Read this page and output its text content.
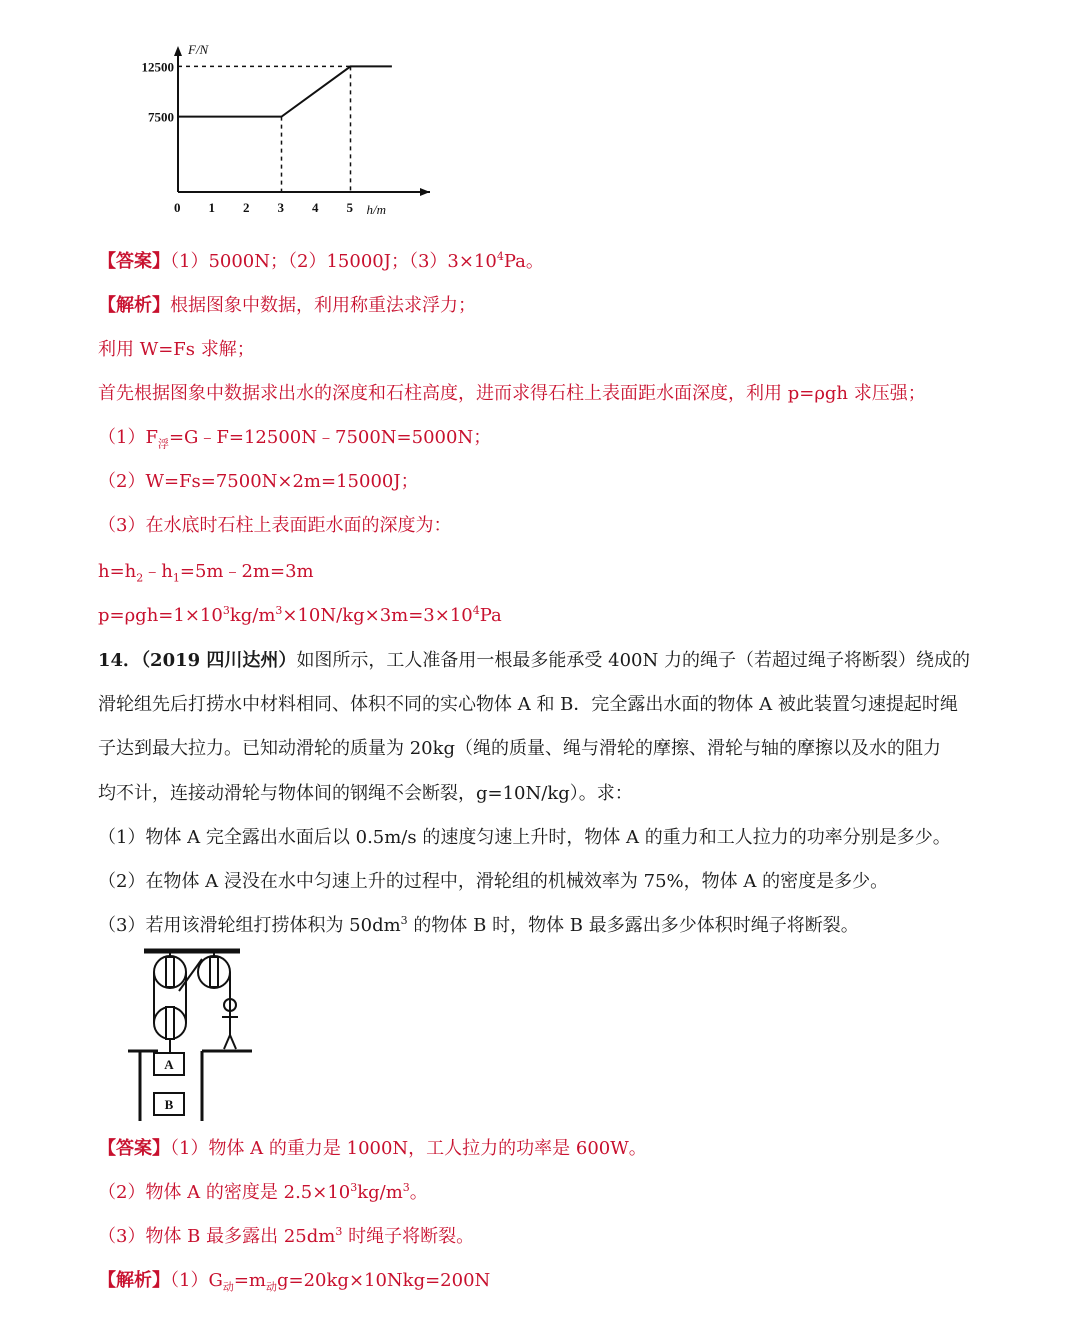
F/N
h/m
0 1 2 3 4 5
12500
7500
【答案】（1）5000N；（2）15000J；$(3)3\times 10^4Pa$。
【解析】根据图象中数据，利用称重法求浮力；
利用 W=Fs 求解；
首先根据图象中数据求出水的深度和石柱高度，进而求得石柱上表面距水面深度，利用 p=ρgh 求压强；
$(1)F_浮=G﹣F=12500N﹣7500N=5000N$；
（2）W=Fs=7500N×2m=15000J；
（3）在水底时石柱上表面距水面的深度为：
$h=h_2﹣h_1=5m﹣2m=3m$
$p=\rho gh=1\times 10^3kg/m^3\times 10N/kg\times 3m=3\times 10^4Pa$
14．（2019 四川达州）如图所示，工人准备用一根最多能承受 400N 力的绳子（若超过绳子将断裂）绕成的
滑轮组先后打捞水中材料相同、体积不同的实心物体 A 和 B．完全露出水面的物体 A 被此装置匀速提起时绳
子达到最大拉力。已知动滑轮的质量为 20kg（绳的质量、绳与滑轮的摩擦、滑轮与轴的摩擦以及水的阻力
均不计，连接动滑轮与物体间的钢绳不会断裂，g=10N/kg）。求：
（1）物体 A 完全露出水面后以 0.5m/s 的速度匀速上升时，物体 A 的重力和工人拉力的功率分别是多少。
（2）在物体 A 浸没在水中匀速上升的过程中，滑轮组的机械效率为 75%，物体 A 的密度是多少。
（3）若用该滑轮组打捞体积为 $50dm^3$ 的物体 B 时，物体 B 最多露出多少体积时绳子将断裂。
A
B
【答案】（1）物体 A 的重力是 1000N，工人拉力的功率是 600W。
（2）物体 A 的密度是 $2.5\times 10^3kg/m^3$。
（3）物体 B 最多露出 $25dm^3$ 时绳子将断裂。
【解析】$(1)G_动=m_动g=20kg\times 10Nkg=200N$
